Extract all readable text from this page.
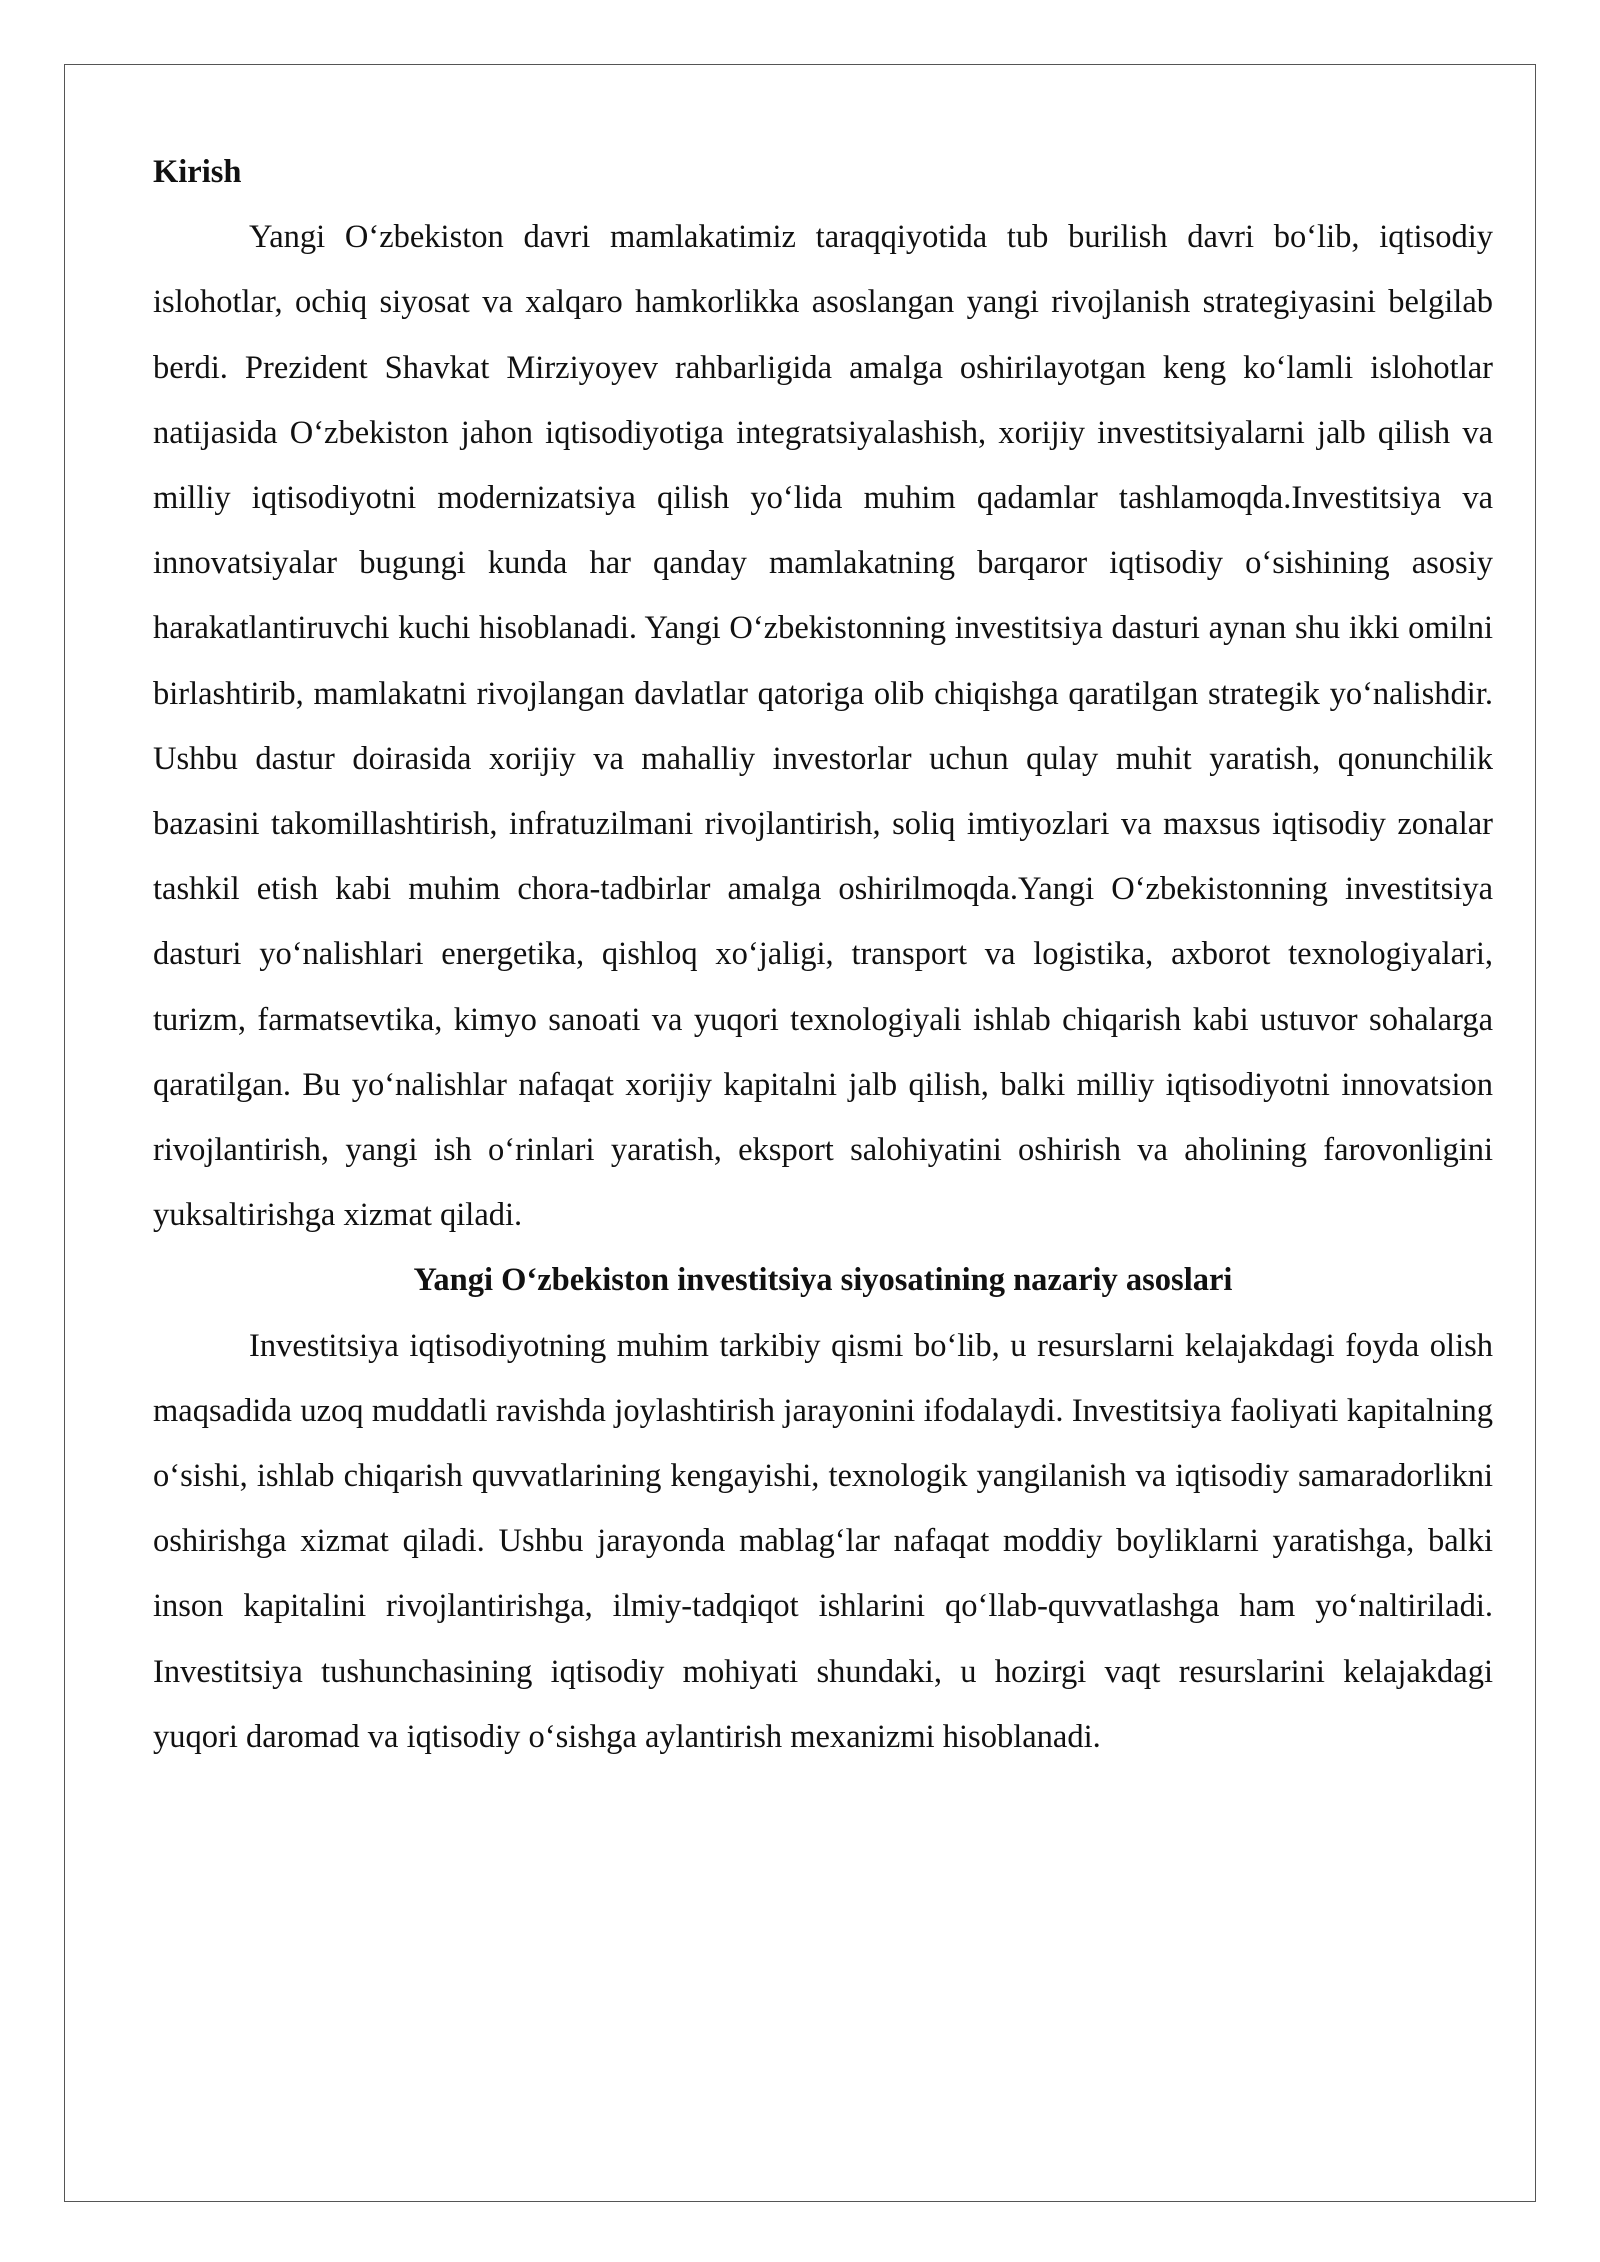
Kirish

Yangi O‘zbekiston davri mamlakatimiz taraqqiyotida tub burilish davri bo‘lib, iqtisodiy islohotlar, ochiq siyosat va xalqaro hamkorlikka asoslangan yangi rivojlanish strategiyasini belgilab berdi. Prezident Shavkat Mirziyoyev rahbarligida amalga oshirilayotgan keng ko‘lamli islohotlar natijasida O‘zbekiston jahon iqtisodiyotiga integratsiyalashish, xorijiy investitsiyalarni jalb qilish va milliy iqtisodiyotni modernizatsiya qilish yo‘lida muhim qadamlar tashlamoqda.Investitsiya va innovatsiyalar bugungi kunda har qanday mamlakatning barqaror iqtisodiy o‘sishining asosiy harakatlantiruvchi kuchi hisoblanadi. Yangi O‘zbekistonning investitsiya dasturi aynan shu ikki omilni birlashtirib, mamlakatni rivojlangan davlatlar qatoriga olib chiqishga qaratilgan strategik yo‘nalishdir. Ushbu dastur doirasida xorijiy va mahalliy investorlar uchun qulay muhit yaratish, qonunchilik bazasini takomillashtirish, infratuzilmani rivojlantirish, soliq imtiyozlari va maxsus iqtisodiy zonalar tashkil etish kabi muhim chora-tadbirlar amalga oshirilmoqda.Yangi O‘zbekistonning investitsiya dasturi yo‘nalishlari energetika, qishloq xo‘jaligi, transport va logistika, axborot texnologiyalari, turizm, farmatsevtika, kimyo sanoati va yuqori texnologiyali ishlab chiqarish kabi ustuvor sohalarga qaratilgan. Bu yo‘nalishlar nafaqat xorijiy kapitalni jalb qilish, balki milliy iqtisodiyotni innovatsion rivojlantirish, yangi ish o‘rinlari yaratish, eksport salohiyatini oshirish va aholining farovonligini yuksaltirishga xizmat qiladi.

Yangi O‘zbekiston investitsiya siyosatining nazariy asoslari

Investitsiya iqtisodiyotning muhim tarkibiy qismi bo‘lib, u resurslarni kelajakdagi foyda olish maqsadida uzoq muddatli ravishda joylashtirish jarayonini ifodalaydi. Investitsiya faoliyati kapitalning o‘sishi, ishlab chiqarish quvvatlarining kengayishi, texnologik yangilanish va iqtisodiy samaradorlikni oshirishga xizmat qiladi. Ushbu jarayonda mablag‘lar nafaqat moddiy boyliklarni yaratishga, balki inson kapitalini rivojlantirishga, ilmiy-tadqiqot ishlarini qo‘llab-quvvatlashga ham yo‘naltiriladi. Investitsiya tushunchasining iqtisodiy mohiyati shundaki, u hozirgi vaqt resurslarini kelajakdagi yuqori daromad va iqtisodiy o‘sishga aylantirish mexanizmi hisoblanadi.
